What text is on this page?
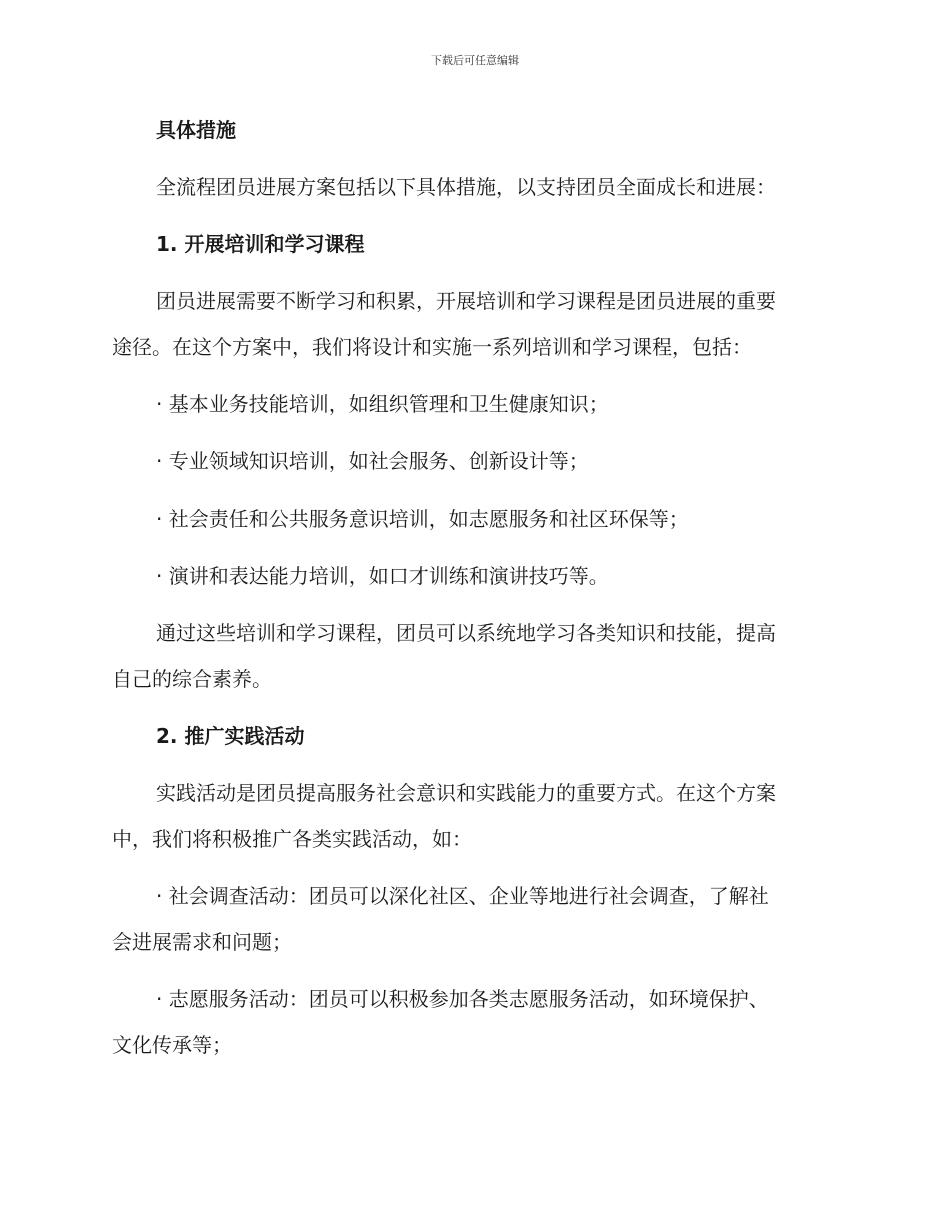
下载后可任意编辑
具体措施
全流程团员进展方案包括以下具体措施，以支持团员全面成长和进展：
1. 开展培训和学习课程
团员进展需要不断学习和积累，开展培训和学习课程是团员进展的重要
途径。在这个方案中，我们将设计和实施一系列培训和学习课程，包括：
· 基本业务技能培训，如组织管理和卫生健康知识；
· 专业领域知识培训，如社会服务、创新设计等；
· 社会责任和公共服务意识培训，如志愿服务和社区环保等；
· 演讲和表达能力培训，如口才训练和演讲技巧等。
通过这些培训和学习课程，团员可以系统地学习各类知识和技能，提高
自己的综合素养。
2. 推广实践活动
实践活动是团员提高服务社会意识和实践能力的重要方式。在这个方案
中，我们将积极推广各类实践活动，如：
· 社会调查活动：团员可以深化社区、企业等地进行社会调查，了解社
会进展需求和问题；
· 志愿服务活动：团员可以积极参加各类志愿服务活动，如环境保护、
文化传承等；
